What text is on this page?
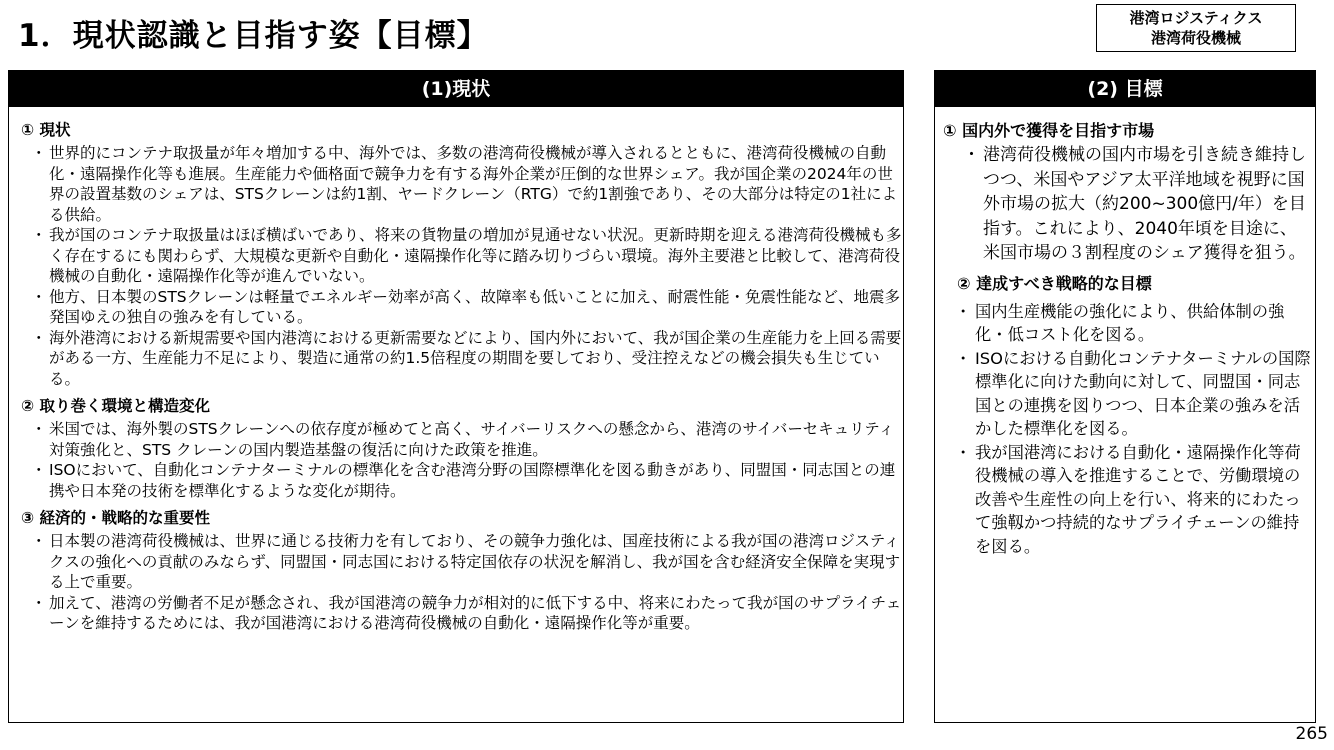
1．現状認識と目指す姿【目標】	港湾ロジスティクス
港湾荷役機械
(1)現状

① 現状

・ 世界的にコンテナ取扱量が年々増加する中、海外では、多数の港湾荷役機械が導入されるとともに、港湾荷役機械の自動化・遠隔操作化等も進展。生産能力や価格面で競争力を有する海外企業が圧倒的な世界シェア。我が国企業の2024年の世界の設置基数のシェアは、STSクレーンは約1割、ヤードクレーン（RTG）で約1割強であり、その大部分は特定の1社による供給。
・ 我が国のコンテナ取扱量はほぼ横ばいであり、将来の貨物量の増加が見通せない状況。更新時期を迎える港湾荷役機械も多く存在するにも関わらず、大規模な更新や自動化・遠隔操作化等に踏み切りづらい環境。海外主要港と比較して、港湾荷役機械の自動化・遠隔操作化等が進んでいない。
・ 他方、日本製のSTSクレーンは軽量でエネルギー効率が高く、故障率も低いことに加え、耐震性能・免震性能など、地震多発国ゆえの独自の強みを有している。
・ 海外港湾における新規需要や国内港湾における更新需要などにより、国内外において、我が国企業の生産能力を上回る需要がある一方、生産能力不足により、製造に通常の約1.5倍程度の期間を要しており、受注控えなどの機会損失も生じている。

② 取り巻く環境と構造変化

・ 米国では、海外製のSTSクレーンへの依存度が極めてと高く、サイバーリスクへの懸念から、港湾のサイバーセキュリティ対策強化と、STS クレーンの国内製造基盤の復活に向けた政策を推進。
・ ISOにおいて、自動化コンテナターミナルの標準化を含む港湾分野の国際標準化を図る動きがあり、同盟国・同志国との連携や日本発の技術を標準化するような変化が期待。

③ 経済的・戦略的な重要性

・ 日本製の港湾荷役機械は、世界に通じる技術力を有しており、その競争力強化は、国産技術による我が国の港湾ロジスティクスの強化への貢献のみならず、同盟国・同志国における特定国依存の状況を解消し、我が国を含む経済安全保障を実現する上で重要。
・ 加えて、港湾の労働者不足が懸念され、我が国港湾の競争力が相対的に低下する中、将来にわたって我が国のサプライチェーンを維持するためには、我が国港湾における港湾荷役機械の自動化・遠隔操作化等が重要。
(2) 目標

① 国内外で獲得を目指す市場

・ 港湾荷役機械の国内市場を引き続き維持しつつ、米国やアジア太平洋地域を視野に国外市場の拡大（約200~300億円/年）を目指す。これにより、2040年頃を目途に、米国市場の３割程度のシェア獲得を狙う。

② 達成すべき戦略的な目標

・ 国内生産機能の強化により、供給体制の強化・低コスト化を図る。
・ ISOにおける自動化コンテナターミナルの国際標準化に向けた動向に対して、同盟国・同志国との連携を図りつつ、日本企業の強みを活かした標準化を図る。
・ 我が国港湾における自動化・遠隔操作化等荷役機械の導入を推進することで、労働環境の改善や生産性の向上を行い、将来的にわたって強靱かつ持続的なサプライチェーンの維持を図る。
265
